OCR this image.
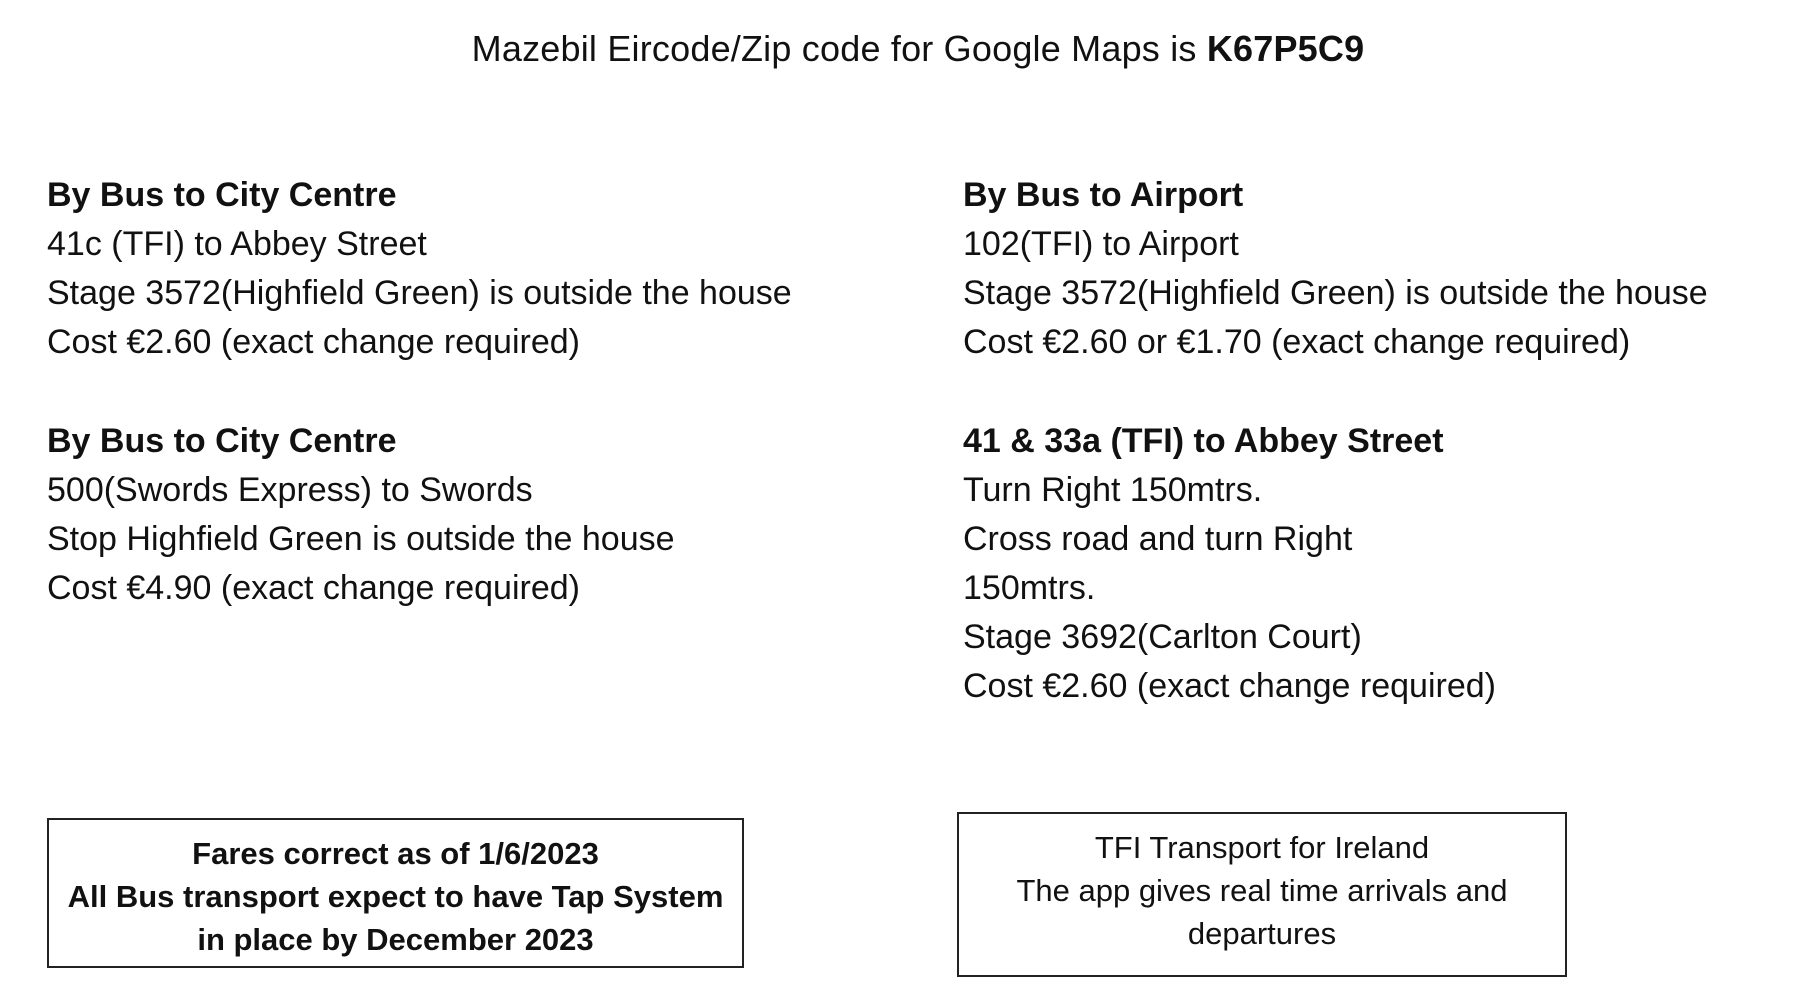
Mazebil Eircode/Zip code for Google Maps is K67P5C9
By Bus to City Centre
41c (TFI) to Abbey Street
Stage 3572(Highfield Green) is outside the house
Cost €2.60 (exact change required)
By Bus to Airport
102(TFI) to Airport
Stage 3572(Highfield Green) is outside the house
Cost €2.60 or €1.70 (exact change required)
By Bus to City Centre
500(Swords Express) to Swords
Stop Highfield Green is outside the house
Cost €4.90 (exact change required)
41 & 33a (TFI) to Abbey Street
Turn Right 150mtrs.
Cross road and turn Right
150mtrs.
Stage 3692(Carlton Court)
Cost €2.60 (exact change required)
Fares correct as of 1/6/2023
All Bus transport expect to have Tap System
in place by December 2023
TFI Transport for Ireland
The app gives real time arrivals and
departures
